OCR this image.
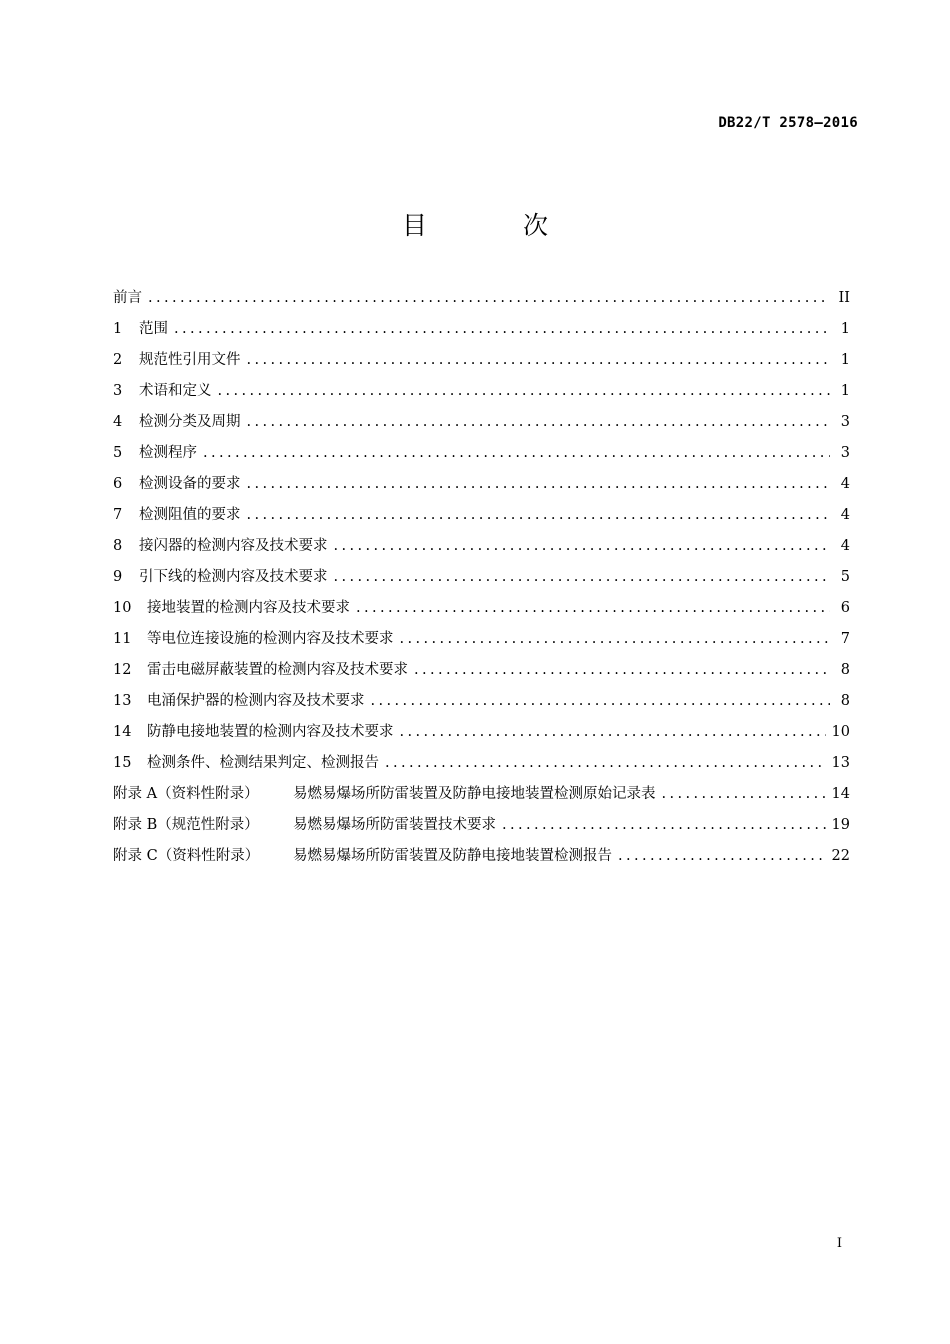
DB22/T 2578—2016
目 次
前言 .....	II
1	范围 .....	1
2	规范性引用文件 .....	1
3	术语和定义 .....	1
4	检测分类及周期 .....	3
5	检测程序 .....	3
6	检测设备的要求 .....	4
7	检测阻值的要求 .....	4
8	接闪器的检测内容及技术要求 .....	4
9	引下线的检测内容及技术要求 .....	5
10	接地装置的检测内容及技术要求 .....	6
11	等电位连接设施的检测内容及技术要求 .....	7
12	雷击电磁屏蔽装置的检测内容及技术要求 .....	8
13	电涌保护器的检测内容及技术要求 .....	8
14	防静电接地装置的检测内容及技术要求 .....	10
15	检测条件、检测结果判定、检测报告 .....	13
附录 A（资料性附录）	易燃易爆场所防雷装置及防静电接地装置检测原始记录表 .....	14
附录 B（规范性附录）	易燃易爆场所防雷装置技术要求 .....	19
附录 C（资料性附录）	易燃易爆场所防雷装置及防静电接地装置检测报告 .....	22
I
